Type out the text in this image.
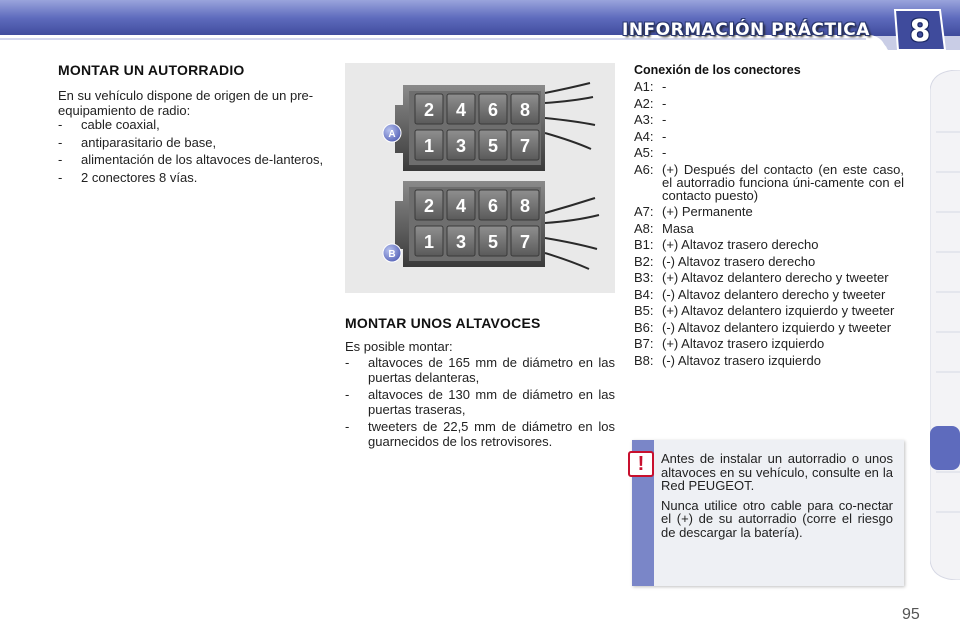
INFORMACIÓN PRÁCTICA 8
MONTAR UN AUTORRADIO
En su vehículo dispone de origen de un pre-equipamiento de radio:
- cable coaxial,
- antiparasitario de base,
- alimentación de los altavoces de-lanteros,
- 2 conectores 8 vías.
2 4 6 8
1 3 5 7
2 4 6 8
1 3 5 7
A
B
MONTAR UNOS ALTAVOCES
Es posible montar:
- altavoces de 165 mm de diámetro en las puertas delanteras,
- altavoces de 130 mm de diámetro en las puertas traseras,
- tweeters de 22,5 mm de diámetro en los guarnecidos de los retrovisores.
Conexión de los conectores
A1: -
A2: -
A3: -
A4: -
A5: -
A6: (+) Después del contacto (en este caso, el autorradio funciona úni-camente con el contacto puesto)
A7: (+) Permanente
A8: Masa
B1: (+) Altavoz trasero derecho
B2: (-) Altavoz trasero derecho
B3: (+) Altavoz delantero derecho y tweeter
B4: (-) Altavoz delantero derecho y tweeter
B5: (+) Altavoz delantero izquierdo y tweeter
B6: (-) Altavoz delantero izquierdo y tweeter
B7: (+) Altavoz trasero izquierdo
B8: (-) Altavoz trasero izquierdo
!	Antes de instalar un autorradio o unos altavoces en su vehículo, consulte en la Red PEUGEOT.

Nunca utilice otro cable para co-nectar el (+) de su autorradio (corre el riesgo de descargar la batería).

95
